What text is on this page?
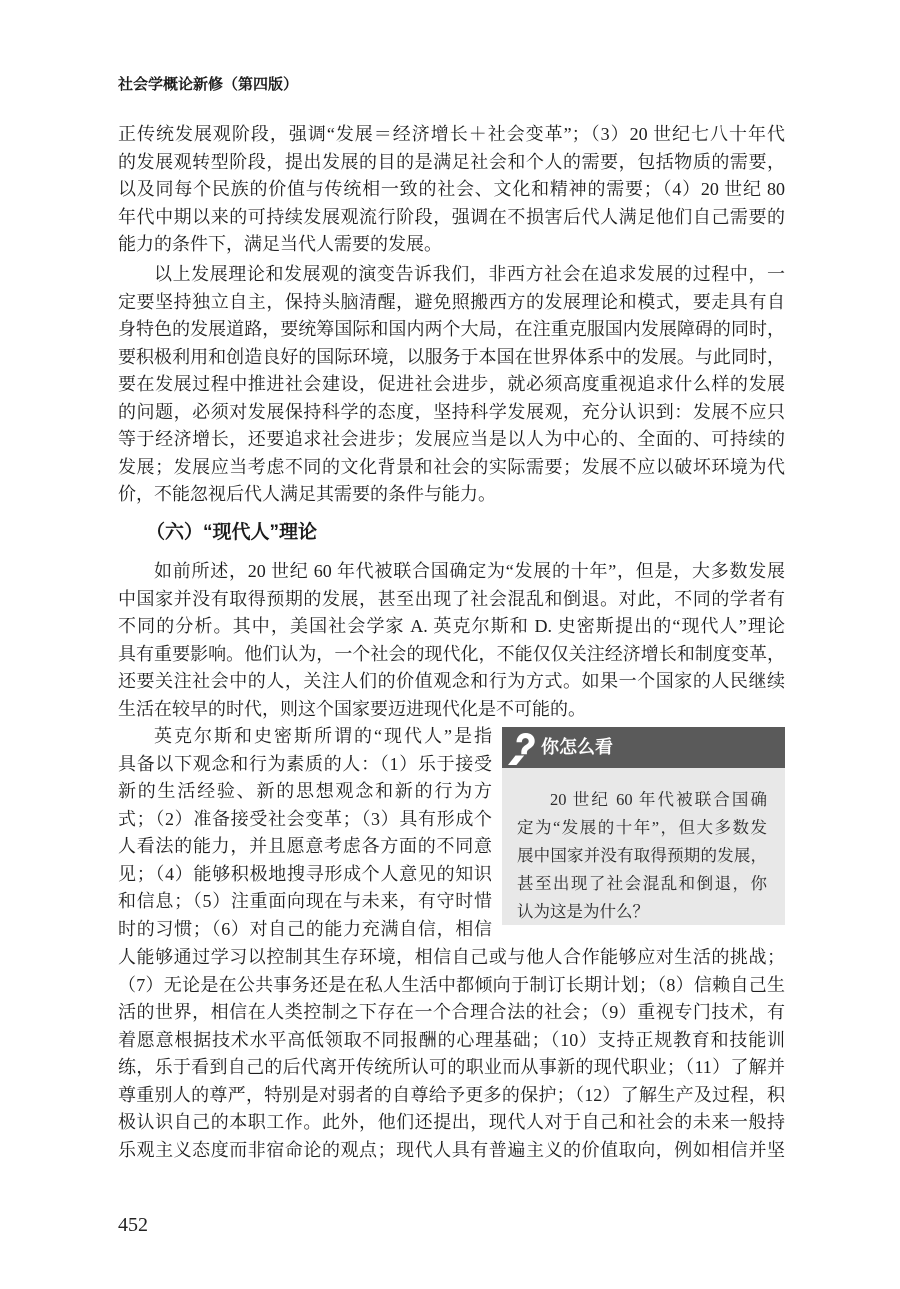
社会学概论新修（第四版）
正传统发展观阶段，强调“发展＝经济增长＋社会变革”；（3）20 世纪七八十年代
的发展观转型阶段，提出发展的目的是满足社会和个人的需要，包括物质的需要，
以及同每个民族的价值与传统相一致的社会、文化和精神的需要；（4）20 世纪 80
年代中期以来的可持续发展观流行阶段，强调在不损害后代人满足他们自己需要的
能力的条件下，满足当代人需要的发展。
以上发展理论和发展观的演变告诉我们，非西方社会在追求发展的过程中，一
定要坚持独立自主，保持头脑清醒，避免照搬西方的发展理论和模式，要走具有自
身特色的发展道路，要统筹国际和国内两个大局，在注重克服国内发展障碍的同时，
要积极利用和创造良好的国际环境，以服务于本国在世界体系中的发展。与此同时，
要在发展过程中推进社会建设，促进社会进步，就必须高度重视追求什么样的发展
的问题，必须对发展保持科学的态度，坚持科学发展观，充分认识到：发展不应只
等于经济增长，还要追求社会进步；发展应当是以人为中心的、全面的、可持续的
发展；发展应当考虑不同的文化背景和社会的实际需要；发展不应以破坏环境为代
价，不能忽视后代人满足其需要的条件与能力。
（六）“现代人”理论
如前所述，20 世纪 60 年代被联合国确定为“发展的十年”，但是，大多数发展
中国家并没有取得预期的发展，甚至出现了社会混乱和倒退。对此，不同的学者有
不同的分析。其中，美国社会学家 A. 英克尔斯和 D. 史密斯提出的“现代人”理论
具有重要影响。他们认为，一个社会的现代化，不能仅仅关注经济增长和制度变革，
还要关注社会中的人，关注人们的价值观念和行为方式。如果一个国家的人民继续
生活在较早的时代，则这个国家要迈进现代化是不可能的。
英克尔斯和史密斯所谓的“现代人”是指
具备以下观念和行为素质的人：（1）乐于接受
新的生活经验、新的思想观念和新的行为方
式；（2）准备接受社会变革；（3）具有形成个
人看法的能力，并且愿意考虑各方面的不同意
见；（4）能够积极地搜寻形成个人意见的知识
和信息；（5）注重面向现在与未来，有守时惜
时的习惯；（6）对自己的能力充满自信，相信
人能够通过学习以控制其生存环境，相信自己或与他人合作能够应对生活的挑战；
（7）无论是在公共事务还是在私人生活中都倾向于制订长期计划；（8）信赖自己生
活的世界，相信在人类控制之下存在一个合理合法的社会；（9）重视专门技术，有
着愿意根据技术水平高低领取不同报酬的心理基础；（10）支持正规教育和技能训
练，乐于看到自己的后代离开传统所认可的职业而从事新的现代职业；（11）了解并
尊重别人的尊严，特别是对弱者的自尊给予更多的保护；（12）了解生产及过程，积
极认识自己的本职工作。此外，他们还提出，现代人对于自己和社会的未来一般持
乐观主义态度而非宿命论的观点；现代人具有普遍主义的价值取向，例如相信并坚
你怎么看
20 世纪 60 年代被联合国确
定为“发展的十年”，但大多数发
展中国家并没有取得预期的发展，
甚至出现了社会混乱和倒退，你
认为这是为什么？
452
